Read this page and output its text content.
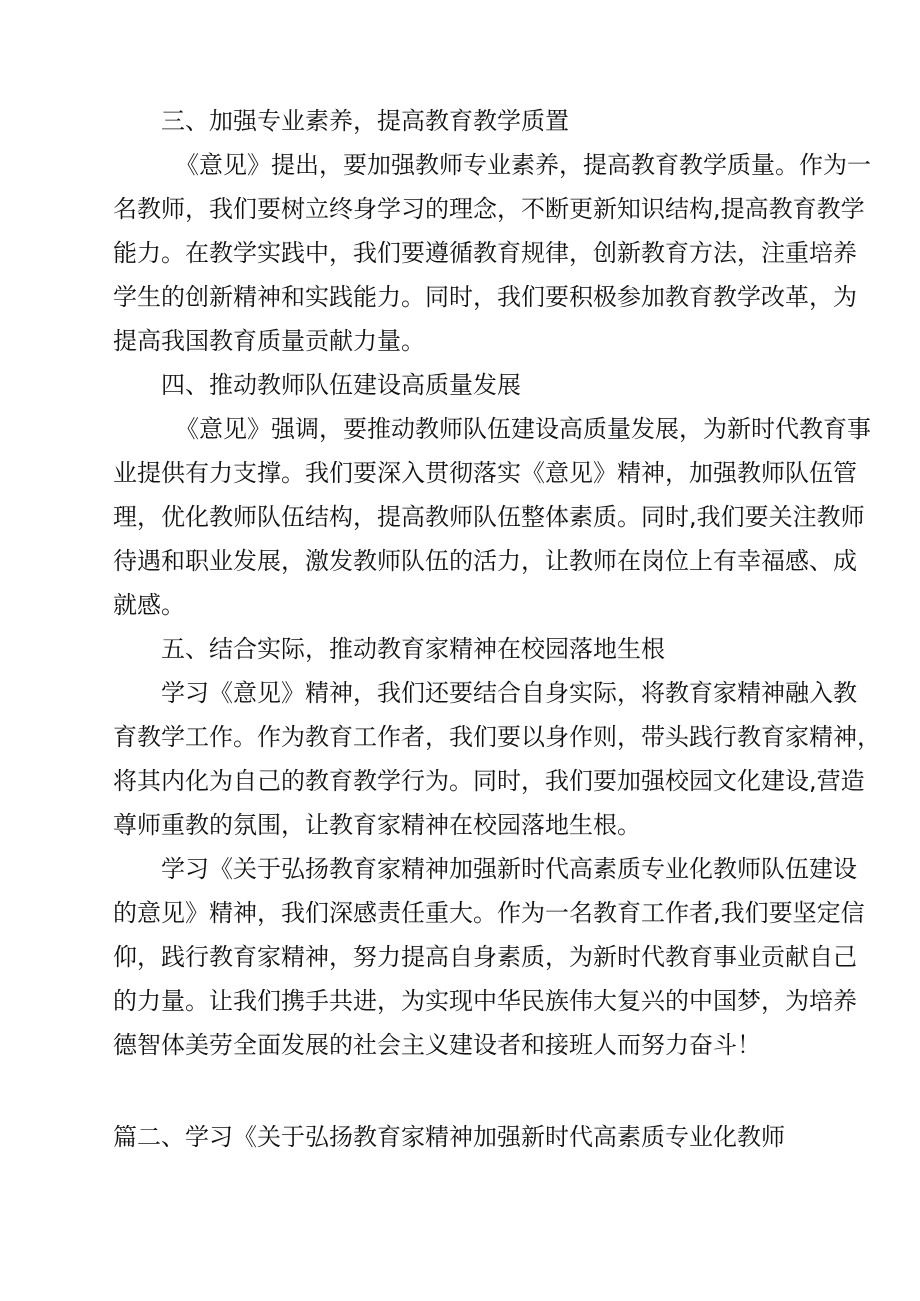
三、加强专业素养，提高教育教学质置
《意见》提出，要加强教师专业素养，提高教育教学质量。作为一
名教师，我们要树立终身学习的理念，不断更新知识结构,提高教育教学
能力。在教学实践中，我们要遵循教育规律，创新教育方法，注重培养
学生的创新精神和实践能力。同时，我们要积极参加教育教学改革，为
提高我国教育质量贡献力量。
四、推动教师队伍建设高质量发展
《意见》强调，要推动教师队伍建设高质量发展，为新时代教育事
业提供有力支撑。我们要深入贯彻落实《意见》精神，加强教师队伍管
理，优化教师队伍结构，提高教师队伍整体素质。同时,我们要关注教师
待遇和职业发展，激发教师队伍的活力，让教师在岗位上有幸福感、成
就感。
五、结合实际，推动教育家精神在校园落地生根
学习《意见》精神，我们还要结合自身实际，将教育家精神融入教
育教学工作。作为教育工作者，我们要以身作则，带头践行教育家精神，
将其内化为自己的教育教学行为。同时，我们要加强校园文化建设,营造
尊师重教的氛围，让教育家精神在校园落地生根。
学习《关于弘扬教育家精神加强新时代高素质专业化教师队伍建设
的意见》精神，我们深感责任重大。作为一名教育工作者,我们要坚定信
仰，践行教育家精神，努力提高自身素质，为新时代教育事业贡献自己
的力量。让我们携手共进，为实现中华民族伟大复兴的中国梦，为培养
德智体美劳全面发展的社会主义建设者和接班人而努力奋斗！
篇二、学习《关于弘扬教育家精神加强新时代高素质专业化教师
